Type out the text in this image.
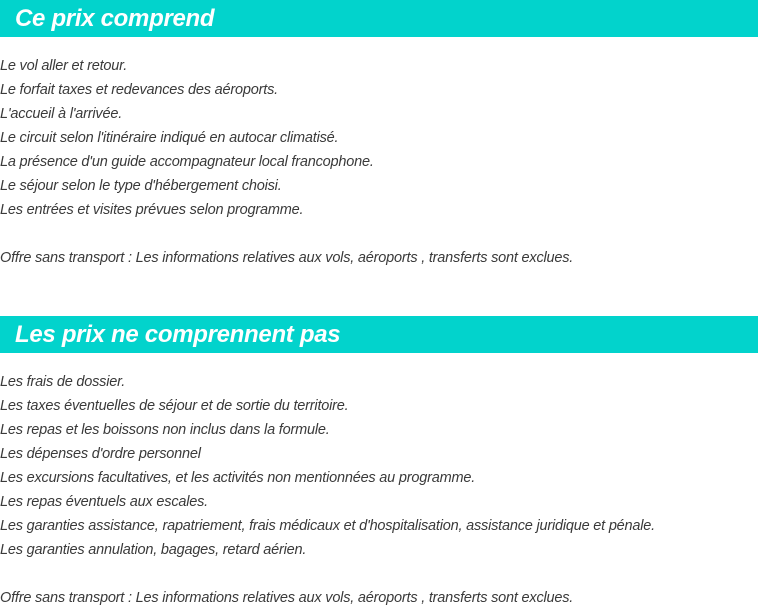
Ce prix comprend
Le vol aller et retour.
Le forfait taxes et redevances des aéroports.
L'accueil à l'arrivée.
Le circuit selon l'itinéraire indiqué en autocar climatisé.
La présence d'un guide accompagnateur local francophone.
Le séjour selon le type d'hébergement choisi.
Les entrées et visites prévues selon programme.
Offre sans transport : Les informations relatives aux vols, aéroports , transferts sont exclues.
Les prix ne comprennent pas
Les frais de dossier.
Les taxes éventuelles de séjour et de sortie du territoire.
Les repas et les boissons non inclus dans la formule.
Les dépenses d'ordre personnel
Les excursions facultatives, et les activités non mentionnées au programme.
Les repas éventuels aux escales.
Les garanties assistance, rapatriement, frais médicaux et d'hospitalisation, assistance juridique et pénale.
Les garanties annulation, bagages, retard aérien.
Offre sans transport : Les informations relatives aux vols, aéroports , transferts sont exclues.
